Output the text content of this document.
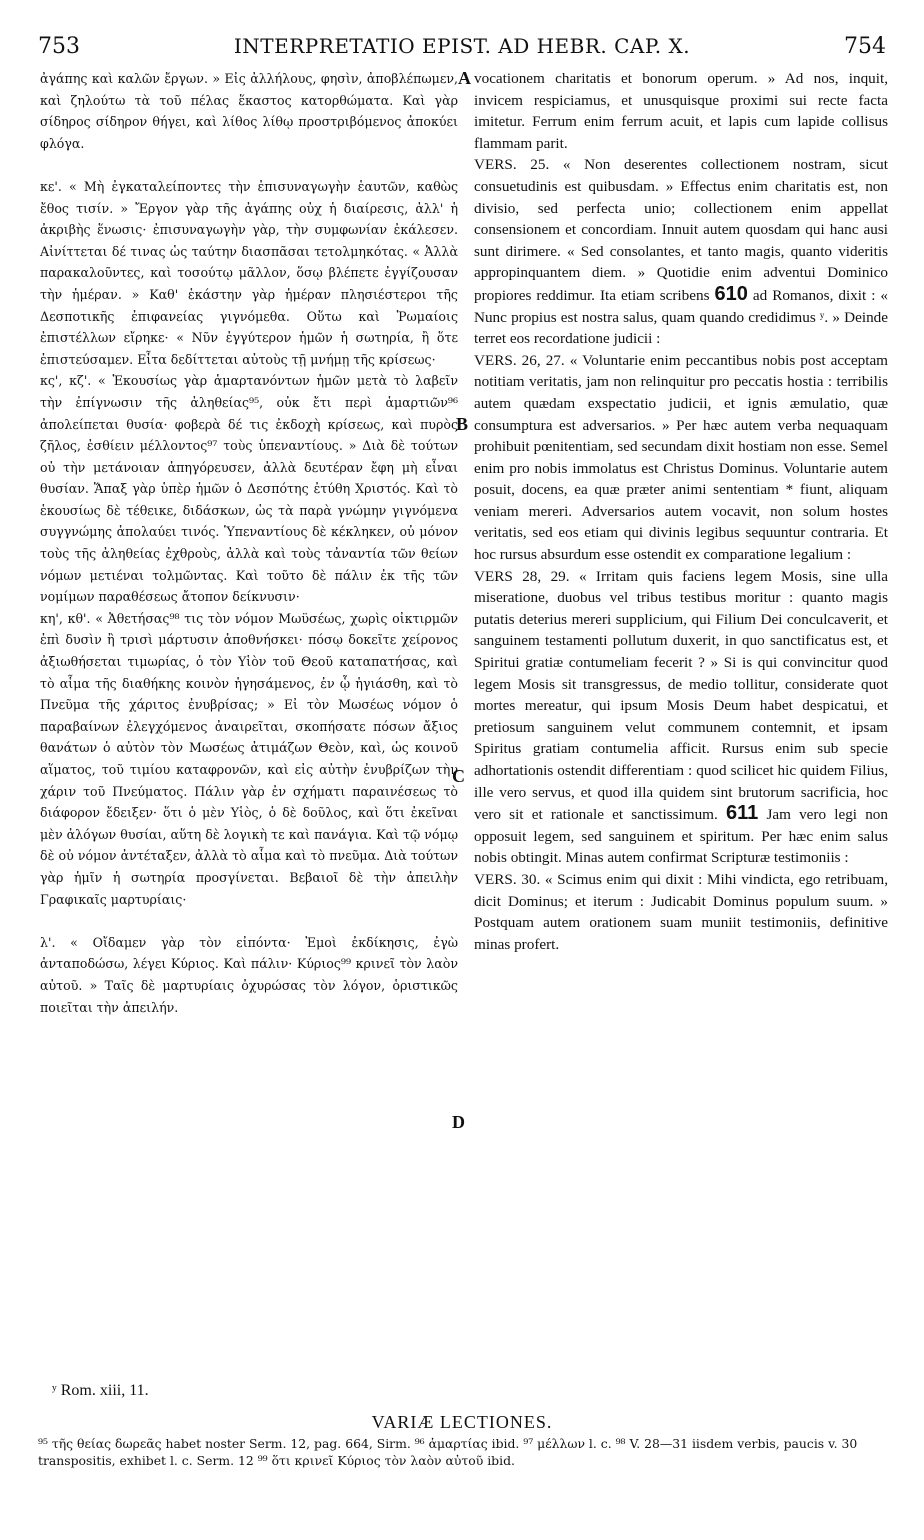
753	INTERPRETATIO EPIST. AD HEBR. CAP. X.	754

ἀγάπης καὶ καλῶν ἔργων. » Εἰς ἀλλήλους, φησὶν, ἀποβλέπωμεν, καὶ ζηλούτω τὰ τοῦ πέλας ἕκαστος κατορθώματα. Καὶ γὰρ σίδηρος σίδηρον θήγει, καὶ λίθος λίθῳ προστριβόμενος ἀποκύει φλόγα.

κε'. « Μὴ ἐγκαταλείποντες τὴν ἐπισυναγωγὴν ἑαυτῶν, καθὼς ἔθος τισίν. » Ἔργον γὰρ τῆς ἀγάπης οὐχ ἡ διαίρεσις, ἀλλ' ἡ ἀκριβὴς ἕνωσις· ἐπισυναγωγὴν γὰρ, τὴν συμφωνίαν ἐκάλεσεν. Αἰνίττεται δέ τινας ὡς ταύτην διασπᾶσαι τετολμηκότας. « Ἀλλὰ παρακαλοῦντες, καὶ τοσούτῳ μᾶλλον, ὅσῳ βλέπετε ἐγγίζουσαν τὴν ἡμέραν. » Καθ' ἑκάστην γὰρ ἡμέραν πλησιέστεροι τῆς Δεσποτικῆς ἐπιφανείας γιγνόμεθα. Οὕτω καὶ Ῥωμαίοις ἐπιστέλλων εἴρηκε· « Νῦν ἐγγύτερον ἡμῶν ἡ σωτηρία, ἢ ὅτε ἐπιστεύσαμεν. Εἶτα δεδίττεται αὐτοὺς τῇ μνήμῃ τῆς κρίσεως·

κς', κζ'. « Ἑκουσίως γὰρ ἁμαρτανόντων ἡμῶν μετὰ τὸ λαβεῖν τὴν ἐπίγνωσιν τῆς ἀληθείας⁹⁵, οὐκ ἔτι περὶ ἁμαρτιῶν⁹⁶ ἀπολείπεται θυσία· φοβερὰ δέ τις ἐκδοχὴ κρίσεως, καὶ πυρὸς ζῆλος, ἐσθίειν μέλλοντος⁹⁷ τοὺς ὑπεναντίους. » Διὰ δὲ τούτων οὐ τὴν μετάνοιαν ἀπηγόρευσεν, ἀλλὰ δευτέραν ἔφη μὴ εἶναι θυσίαν. Ἅπαξ γὰρ ὑπὲρ ἡμῶν ὁ Δεσπότης ἐτύθη Χριστός. Καὶ τὸ ἑκουσίως δὲ τέθεικε, διδάσκων, ὡς τὰ παρὰ γνώμην γιγνόμενα συγγνώμης ἀπολαύει τινός. Ὑπεναντίους δὲ κέκληκεν, οὐ μόνον τοὺς τῆς ἀληθείας ἐχθροὺς, ἀλλὰ καὶ τοὺς τἀναντία τῶν θείων νόμων μετιέναι τολμῶντας. Καὶ τοῦτο δὲ πάλιν ἐκ τῆς τῶν νομίμων παραθέσεως ἄτοπον δείκνυσιν·

κη', κθ'. « Ἀθετήσας⁹⁸ τις τὸν νόμον Μωϋσέως, χωρὶς οἰκτιρμῶν ἐπὶ δυσὶν ἢ τρισὶ μάρτυσιν ἀποθνήσκει· πόσῳ δοκεῖτε χείρονος ἀξιωθήσεται τιμωρίας, ὁ τὸν Υἱὸν τοῦ Θεοῦ καταπατήσας, καὶ τὸ αἷμα τῆς διαθήκης κοινὸν ἡγησάμενος, ἐν ᾧ ἡγιάσθη, καὶ τὸ Πνεῦμα τῆς χάριτος ἐνυβρίσας; » Εἰ τὸν Μωσέως νόμον ὁ παραβαίνων ἐλεγχόμενος ἀναιρεῖται, σκοπήσατε πόσων ἄξιος θανάτων ὁ αὐτὸν τὸν Μωσέως ἀτιμάζων Θεὸν, καὶ, ὡς κοινοῦ αἵματος, τοῦ τιμίου καταφρονῶν, καὶ εἰς αὐτὴν ἐνυβρίζων τὴν χάριν τοῦ Πνεύματος. Πάλιν γὰρ ἐν σχήματι παραινέσεως τὸ διάφορον ἔδειξεν· ὅτι ὁ μὲν Υἱὸς, ὁ δὲ δοῦλος, καὶ ὅτι ἐκεῖναι μὲν ἀλόγων θυσίαι, αὕτη δὲ λογικὴ τε καὶ πανάγια. Καὶ τῷ νόμῳ δὲ οὐ νόμον ἀντέταξεν, ἀλλὰ τὸ αἷμα καὶ τὸ πνεῦμα. Διὰ τούτων γὰρ ἡμῖν ἡ σωτηρία προσγίνεται. Βεβαιοῖ δὲ τὴν ἀπειλὴν Γραφικαῖς μαρτυρίαις·

λ'. « Οἴδαμεν γὰρ τὸν εἰπόντα· Ἐμοὶ ἐκδίκησις, ἐγὼ ἀνταποδώσω, λέγει Κύριος. Καὶ πάλιν· Κύριος⁹⁹ κρινεῖ τὸν λαὸν αὐτοῦ. » Ταῖς δὲ μαρτυρίαις ὀχυρώσας τὸν λόγον, ὁριστικῶς ποιεῖται τὴν ἀπειλήν.

A
B
C
D

vocationem charitatis et bonorum operum. » Ad nos, inquit, invicem respiciamus, et unusquisque proximi sui recte facta imitetur. Ferrum enim ferrum acuit, et lapis cum lapide collisus flammam parit.

VERS. 25. « Non deserentes collectionem nostram, sicut consuetudinis est quibusdam. » Effectus enim charitatis est, non divisio, sed perfecta unio; collectionem enim appellat consensionem et concordiam. Innuit autem quosdam qui hanc ausi sunt dirimere. « Sed consolantes, et tanto magis, quanto videritis appropinquantem diem. » Quotidie enim adventui Dominico propiores reddimur. Ita etiam scribens 610 ad Romanos, dixit : « Nunc propius est nostra salus, quam quando credidimus ʸ. » Deinde terret eos recordatione judicii :

VERS. 26, 27. « Voluntarie enim peccantibus nobis post acceptam notitiam veritatis, jam non relinquitur pro peccatis hostia : terribilis autem quædam exspectatio judicii, et ignis æmulatio, quæ consumptura est adversarios. » Per hæc autem verba nequaquam prohibuit pœnitentiam, sed secundam dixit hostiam non esse. Semel enim pro nobis immolatus est Christus Dominus. Voluntarie autem posuit, docens, ea quæ præter animi sententiam * fiunt, aliquam veniam mereri. Adversarios autem vocavit, non solum hostes veritatis, sed eos etiam qui divinis legibus sequuntur contraria. Et hoc rursus absurdum esse ostendit ex comparatione legalium :

VERS 28, 29. « Irritam quis faciens legem Mosis, sine ulla miseratione, duobus vel tribus testibus moritur : quanto magis putatis deterius mereri supplicium, qui Filium Dei conculcaverit, et sanguinem testamenti pollutum duxerit, in quo sanctificatus est, et Spiritui gratiæ contumeliam fecerit ? » Si is qui convincitur quod legem Mosis sit transgressus, de medio tollitur, considerate quot mortes mereatur, qui ipsum Mosis Deum habet despicatui, et pretiosum sanguinem velut communem contemnit, et ipsam Spiritus gratiam contumelia afficit. Rursus enim sub specie adhortationis ostendit differentiam : quod scilicet hic quidem Filius, ille vero servus, et quod illa quidem sint brutorum sacrificia, hoc vero sit et rationale et sanctissimum. 611 Jam vero legi non opposuit legem, sed sanguinem et spiritum. Per hæc enim salus nobis obtingit. Minas autem confirmat Scripturæ testimoniis :

VERS. 30. « Scimus enim qui dixit : Mihi vindicta, ego retribuam, dicit Dominus; et iterum : Judicabit Dominus populum suum. » Postquam autem orationem suam muniit testimoniis, definitive minas profert.

ʸ Rom. xiii, 11.
VARIÆ LECTIONES.

⁹⁵ τῆς θείας δωρεᾶς habet noster Serm. 12, pag. 664, Sirm. ⁹⁶ ἁμαρτίας ibid. ⁹⁷ μέλλων l. c. ⁹⁸ V. 28—31 iisdem verbis, paucis v. 30 transpositis, exhibet l. c. Serm. 12 ⁹⁹ ὅτι κρινεῖ Κύριος τὸν λαὸν αὐτοῦ ibid.
